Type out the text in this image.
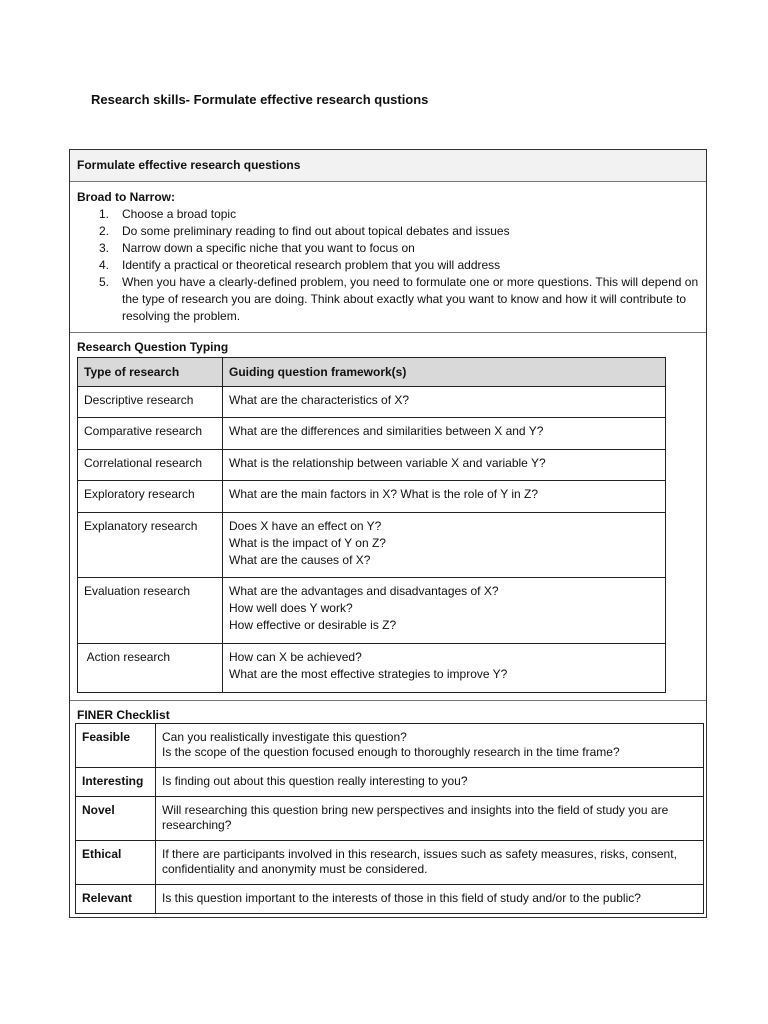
Research skills- Formulate effective research qustions
Formulate effective research questions
Broad to Narrow:
1. Choose a broad topic
2. Do some preliminary reading to find out about topical debates and issues
3. Narrow down a specific niche that you want to focus on
4. Identify a practical or theoretical research problem that you will address
5. When you have a clearly-defined problem, you need to formulate one or more questions. This will depend on the type of research you are doing. Think about exactly what you want to know and how it will contribute to resolving the problem.
Research Question Typing
Type of research	Guiding question framework(s)
Descriptive research	What are the characteristics of X?
Comparative research	What are the differences and similarities between X and Y?
Correlational research	What is the relationship between variable X and variable Y?
Exploratory research	What are the main factors in X? What is the role of Y in Z?
Explanatory research	Does X have an effect on Y?
What is the impact of Y on Z?
What are the causes of X?
Evaluation research	What are the advantages and disadvantages of X?
How well does Y work?
How effective or desirable is Z?
Action research	How can X be achieved?
What are the most effective strategies to improve Y?
FINER Checklist
Feasible	Can you realistically investigate this question?
Is the scope of the question focused enough to thoroughly research in the time frame?
Interesting	Is finding out about this question really interesting to you?
Novel	Will researching this question bring new perspectives and insights into the field of study you are researching?
Ethical	If there are participants involved in this research, issues such as safety measures, risks, consent, confidentiality and anonymity must be considered.
Relevant	Is this question important to the interests of those in this field of study and/or to the public?
